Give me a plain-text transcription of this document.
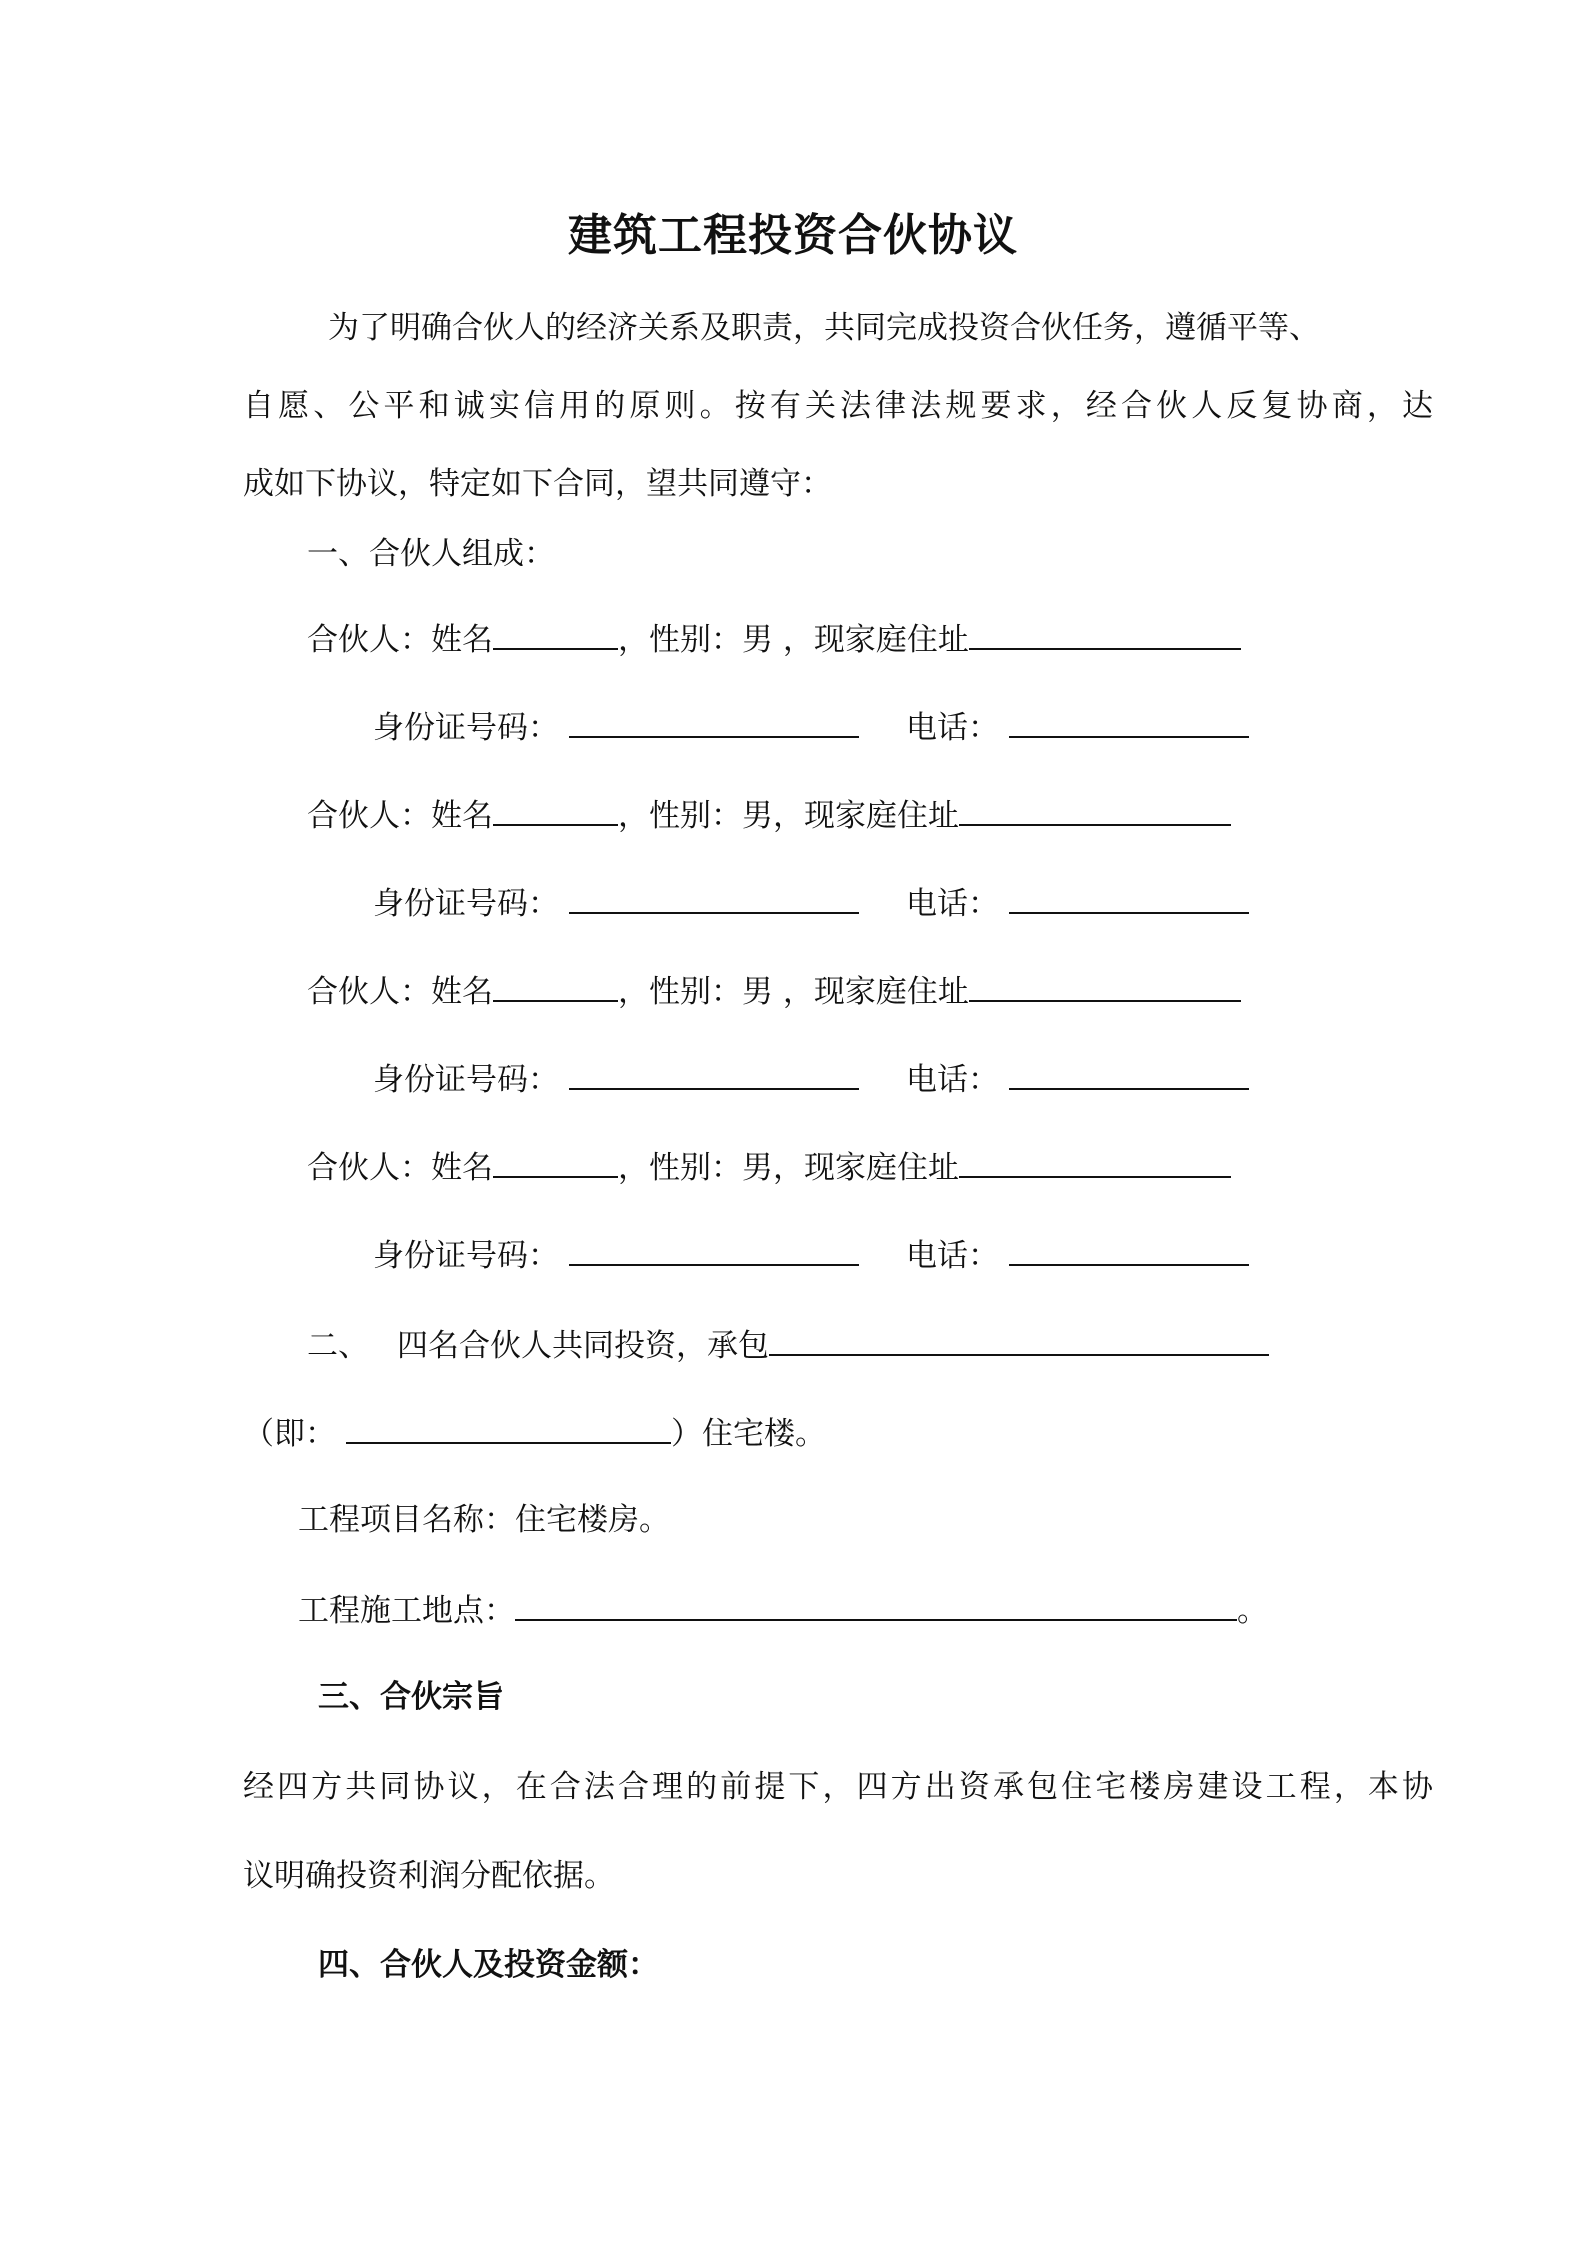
建筑工程投资合伙协议
为了明确合伙人的经济关系及职责，共同完成投资合伙任务，遵循平等、
自愿、公平和诚实信用的原则。按有关法律法规要求，经合伙人反复协商，达
成如下协议，特定如下合同，望共同遵守：
一、合伙人组成：
合伙人：姓名	，性别：男 ，现家庭住址
身份证号码：	电话：
合伙人：姓名	，性别：男，现家庭住址
身份证号码：	电话：
合伙人：姓名	，性别：男 ，现家庭住址
身份证号码：	电话：
合伙人：姓名	，性别：男，现家庭住址
身份证号码：	电话：
二、 四名合伙人共同投资，承包
（即：	）住宅楼。
工程项目名称：住宅楼房。
工程施工地点：	。
三、合伙宗旨
经四方共同协议，在合法合理的前提下，四方出资承包住宅楼房建设工程，本协
议明确投资利润分配依据。
四、合伙人及投资金额：
